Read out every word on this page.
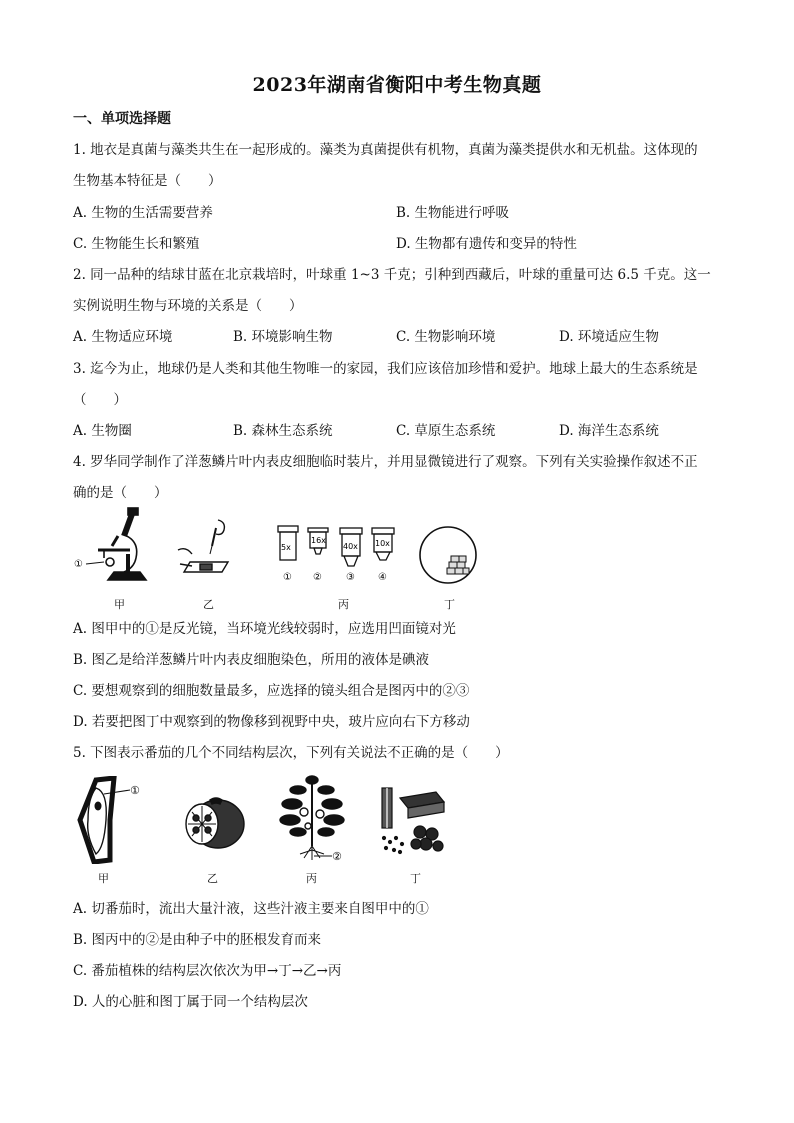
2023年湖南省衡阳中考生物真题
一、单项选择题
1. 地衣是真菌与藻类共生在一起形成的。藻类为真菌提供有机物，真菌为藻类提供水和无机盐。这体现的
生物基本特征是（　　）
A. 生物的生活需要营养	B. 生物能进行呼吸
C. 生物能生长和繁殖	D. 生物都有遗传和变异的特性
2. 同一品种的结球甘蓝在北京栽培时，叶球重 1~3 千克；引种到西藏后，叶球的重量可达 6.5 千克。这一
实例说明生物与环境的关系是（　　）
A. 生物适应环境	B. 环境影响生物	C. 生物影响环境	D. 环境适应生物
3. 迄今为止，地球仍是人类和其他生物唯一的家园，我们应该倍加珍惜和爱护。地球上最大的生态系统是
（　　）
A. 生物圈	B. 森林生态系统	C. 草原生态系统	D. 海洋生态系统
4. 罗华同学制作了洋葱鳞片叶内表皮细胞临时装片，并用显微镜进行了观察。下列有关实验操作叙述不正
确的是（　　）
①
甲	乙
5x
16x
40x 10x
① ② ③ ④
丙	丁
A. 图甲中的①是反光镜，当环境光线较弱时，应选用凹面镜对光
B. 图乙是给洋葱鳞片叶内表皮细胞染色，所用的液体是碘液
C. 要想观察到的细胞数量最多，应选择的镜头组合是图丙中的②③
D. 若要把图丁中观察到的物像移到视野中央，玻片应向右下方移动
5. 下图表示番茄的几个不同结构层次，下列有关说法不正确的是（　　）
①
甲	乙
②
丙	丁
A. 切番茄时，流出大量汁液，这些汁液主要来自图甲中的①
B. 图丙中的②是由种子中的胚根发育而来
C. 番茄植株的结构层次依次为甲→丁→乙→丙
D. 人的心脏和图丁属于同一个结构层次
